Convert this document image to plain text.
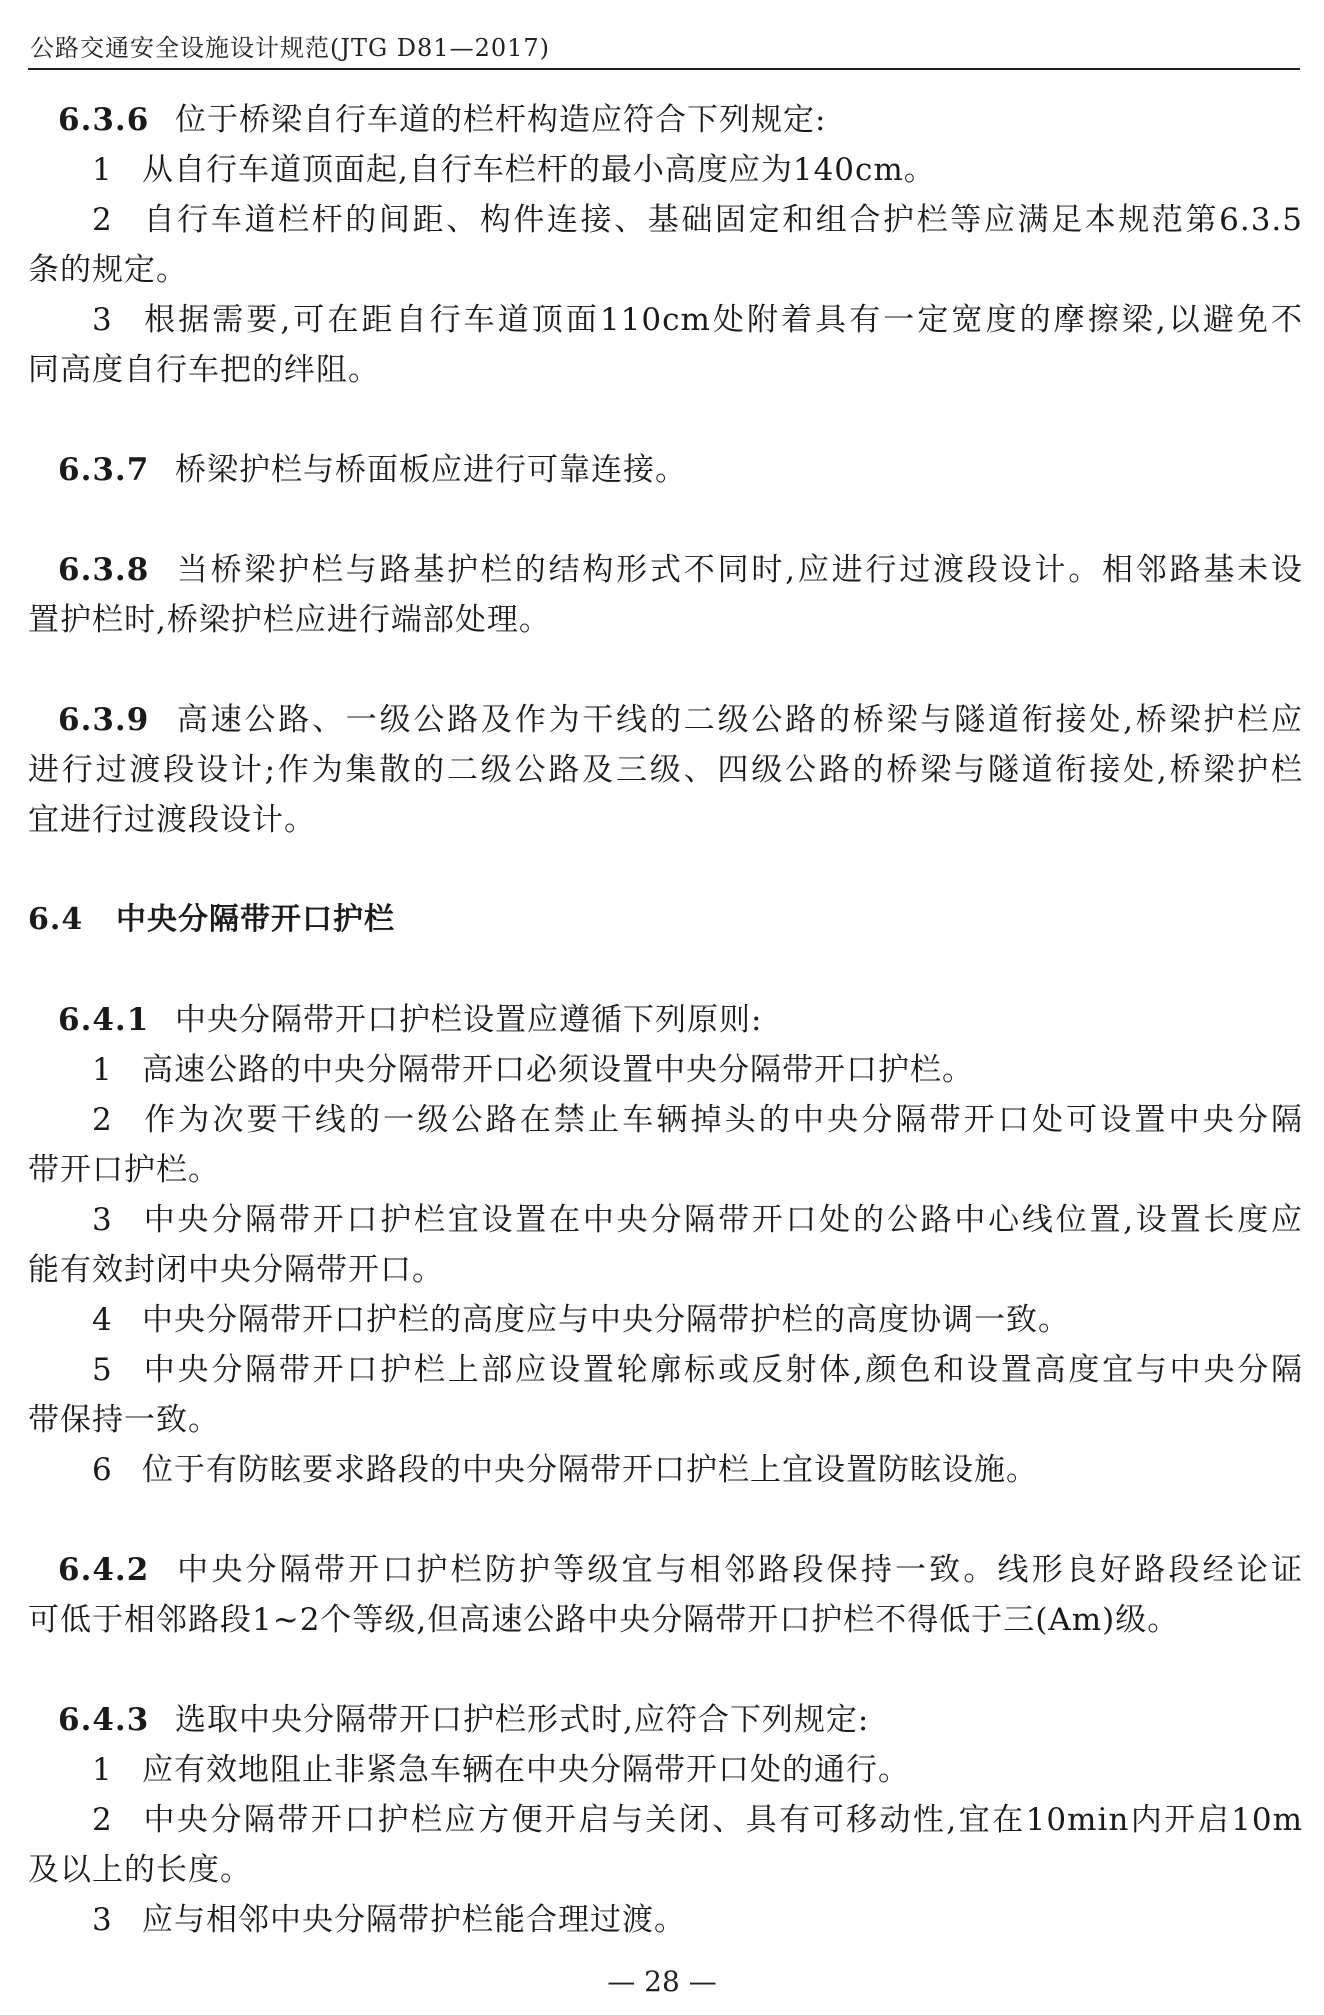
公路交通安全设施设计规范(JTG D81—2017)
6.3.6 位于桥梁自行车道的栏杆构造应符合下列规定:
1 从自行车道顶面起,自行车栏杆的最小高度应为140cm。
2 自行车道栏杆的间距、构件连接、基础固定和组合护栏等应满足本规范第6.3.5
条的规定。
3 根据需要,可在距自行车道顶面110cm处附着具有一定宽度的摩擦梁,以避免不
同高度自行车把的绊阻。
6.3.7 桥梁护栏与桥面板应进行可靠连接。
6.3.8 当桥梁护栏与路基护栏的结构形式不同时,应进行过渡段设计。相邻路基未设
置护栏时,桥梁护栏应进行端部处理。
6.3.9 高速公路、一级公路及作为干线的二级公路的桥梁与隧道衔接处,桥梁护栏应
进行过渡段设计;作为集散的二级公路及三级、四级公路的桥梁与隧道衔接处,桥梁护栏
宜进行过渡段设计。
6.4 中央分隔带开口护栏
6.4.1 中央分隔带开口护栏设置应遵循下列原则:
1 高速公路的中央分隔带开口必须设置中央分隔带开口护栏。
2 作为次要干线的一级公路在禁止车辆掉头的中央分隔带开口处可设置中央分隔
带开口护栏。
3 中央分隔带开口护栏宜设置在中央分隔带开口处的公路中心线位置,设置长度应
能有效封闭中央分隔带开口。
4 中央分隔带开口护栏的高度应与中央分隔带护栏的高度协调一致。
5 中央分隔带开口护栏上部应设置轮廓标或反射体,颜色和设置高度宜与中央分隔
带保持一致。
6 位于有防眩要求路段的中央分隔带开口护栏上宜设置防眩设施。
6.4.2 中央分隔带开口护栏防护等级宜与相邻路段保持一致。线形良好路段经论证
可低于相邻路段1~2个等级,但高速公路中央分隔带开口护栏不得低于三(Am)级。
6.4.3 选取中央分隔带开口护栏形式时,应符合下列规定:
1 应有效地阻止非紧急车辆在中央分隔带开口处的通行。
2 中央分隔带开口护栏应方便开启与关闭、具有可移动性,宜在10min内开启10m
及以上的长度。
3 应与相邻中央分隔带护栏能合理过渡。
— 28 —
